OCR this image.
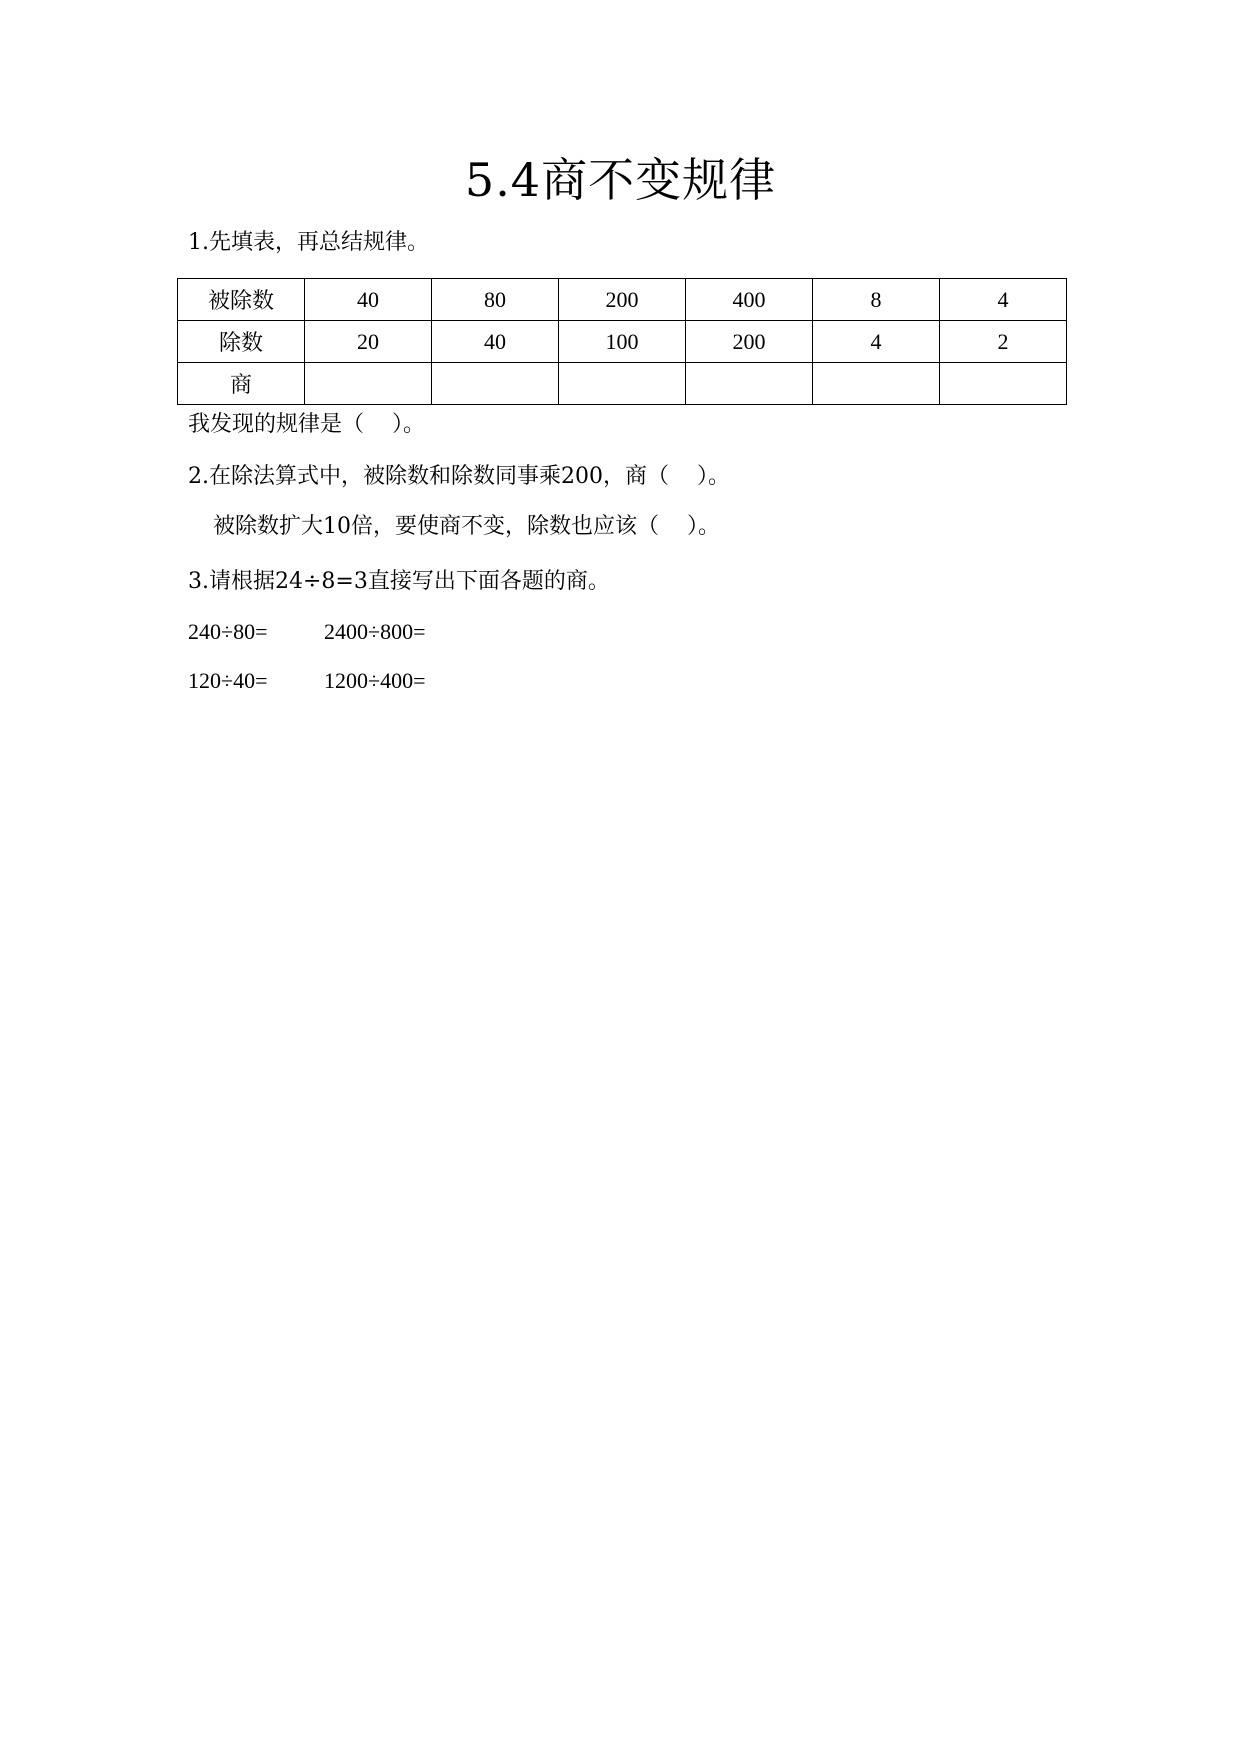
5.4商不变规律
1.先填表，再总结规律。
被除数	40	80	200	400	8	4
除数	20	40	100	200	4	2
商						
我发现的规律是（    ）。
2.在除法算式中，被除数和除数同事乘200，商（    ）。
被除数扩大10倍，要使商不变，除数也应该（    ）。
3.请根据24÷8=3直接写出下面各题的商。
240÷80=	2400÷800=
120÷40=	1200÷400=
